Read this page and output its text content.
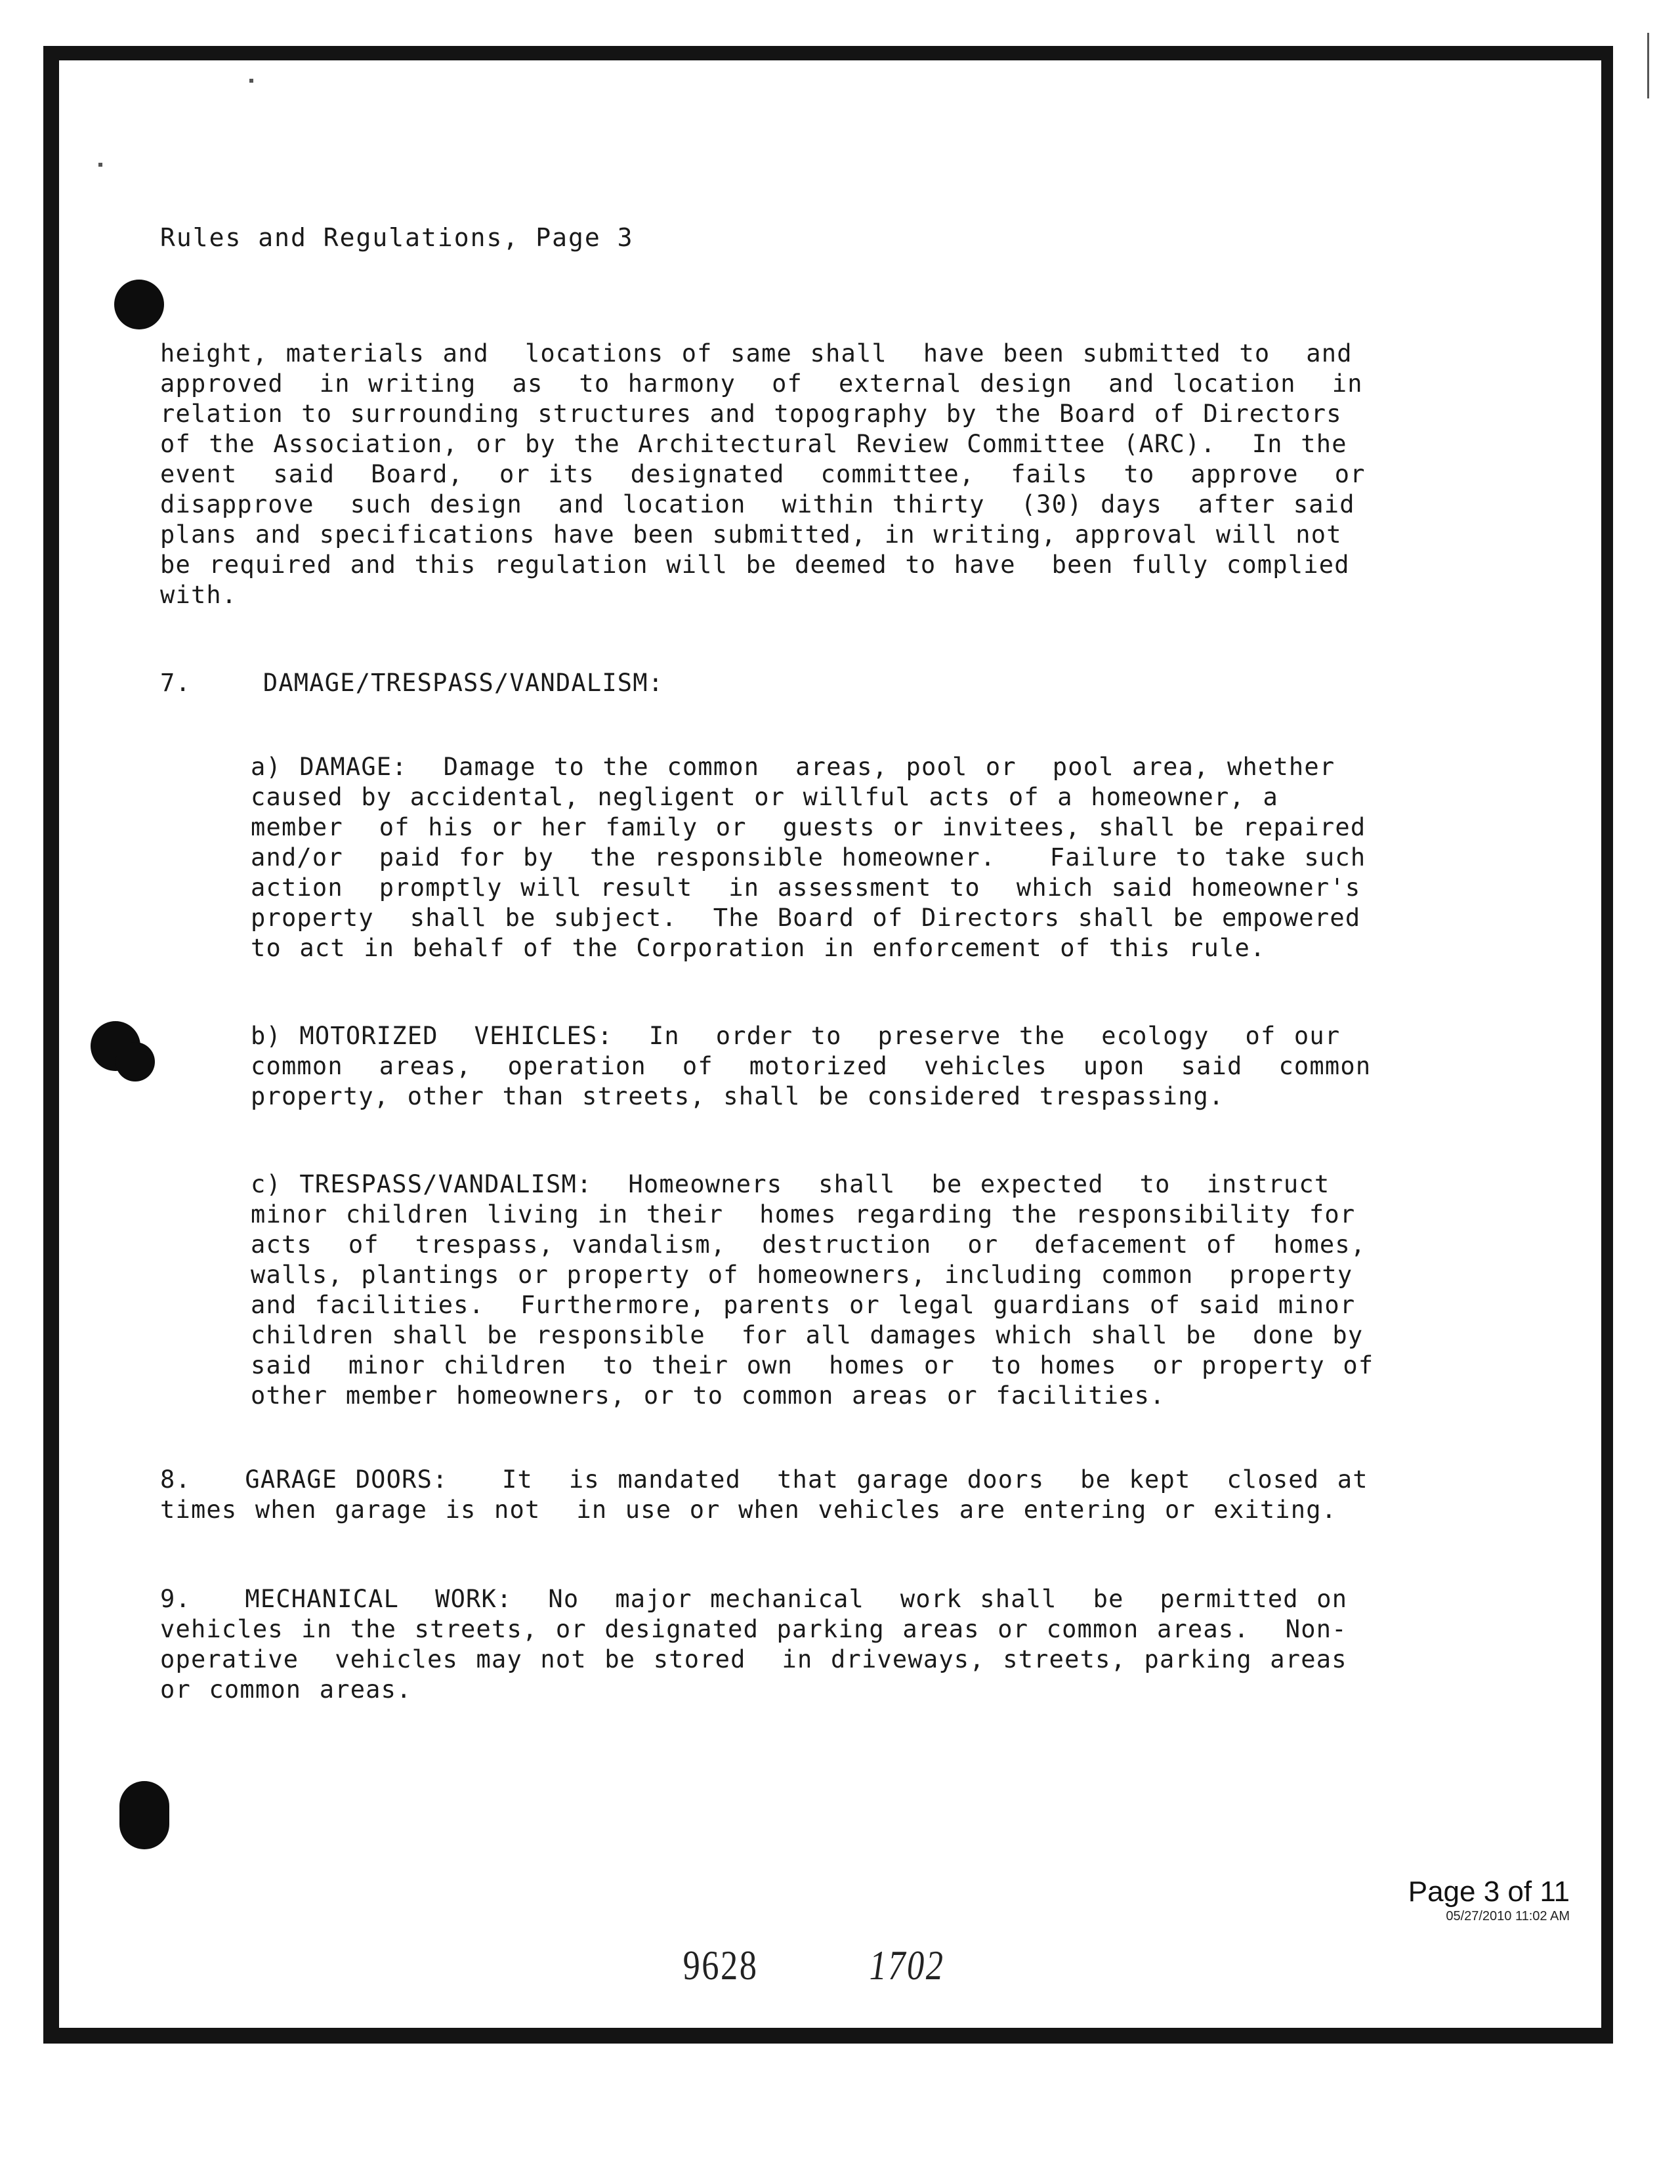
Rules and Regulations, Page 3
height, materials and  locations of same shall  have been submitted to  and
approved  in writing  as  to harmony  of  external design  and location  in
relation to surrounding structures and topography by the Board of Directors
of the Association, or by the Architectural Review Committee (ARC).  In the
event  said  Board,  or its  designated  committee,  fails  to  approve  or
disapprove  such design  and location  within thirty  (30) days  after said
plans and specifications have been submitted, in writing, approval will not
be required and this regulation will be deemed to have  been fully complied
with.
7.    DAMAGE/TRESPASS/VANDALISM:
a) DAMAGE:  Damage to the common  areas, pool or  pool area, whether
caused by accidental, negligent or willful acts of a homeowner, a
member  of his or her family or  guests or invitees, shall be repaired
and/or  paid for by  the responsible homeowner.   Failure to take such
action  promptly will result  in assessment to  which said homeowner's
property  shall be subject.  The Board of Directors shall be empowered
to act in behalf of the Corporation in enforcement of this rule.
b) MOTORIZED  VEHICLES:  In  order to  preserve the  ecology  of our
common  areas,  operation  of  motorized  vehicles  upon  said  common
property, other than streets, shall be considered trespassing.
c) TRESPASS/VANDALISM:  Homeowners  shall  be expected  to  instruct
minor children living in their  homes regarding the responsibility for
acts  of  trespass, vandalism,  destruction  or  defacement of  homes,
walls, plantings or property of homeowners, including common  property
and facilities.  Furthermore, parents or legal guardians of said minor
children shall be responsible  for all damages which shall be  done by
said  minor children  to their own  homes or  to homes  or property of
other member homeowners, or to common areas or facilities.
8.   GARAGE DOORS:   It  is mandated  that garage doors  be kept  closed at
times when garage is not  in use or when vehicles are entering or exiting.
9.   MECHANICAL  WORK:  No  major mechanical  work shall  be  permitted on
vehicles in the streets, or designated parking areas or common areas.  Non-
operative  vehicles may not be stored  in driveways, streets, parking areas
or common areas.
Page 3 of 11
05/27/2010 11:02 AM
9628	1702
